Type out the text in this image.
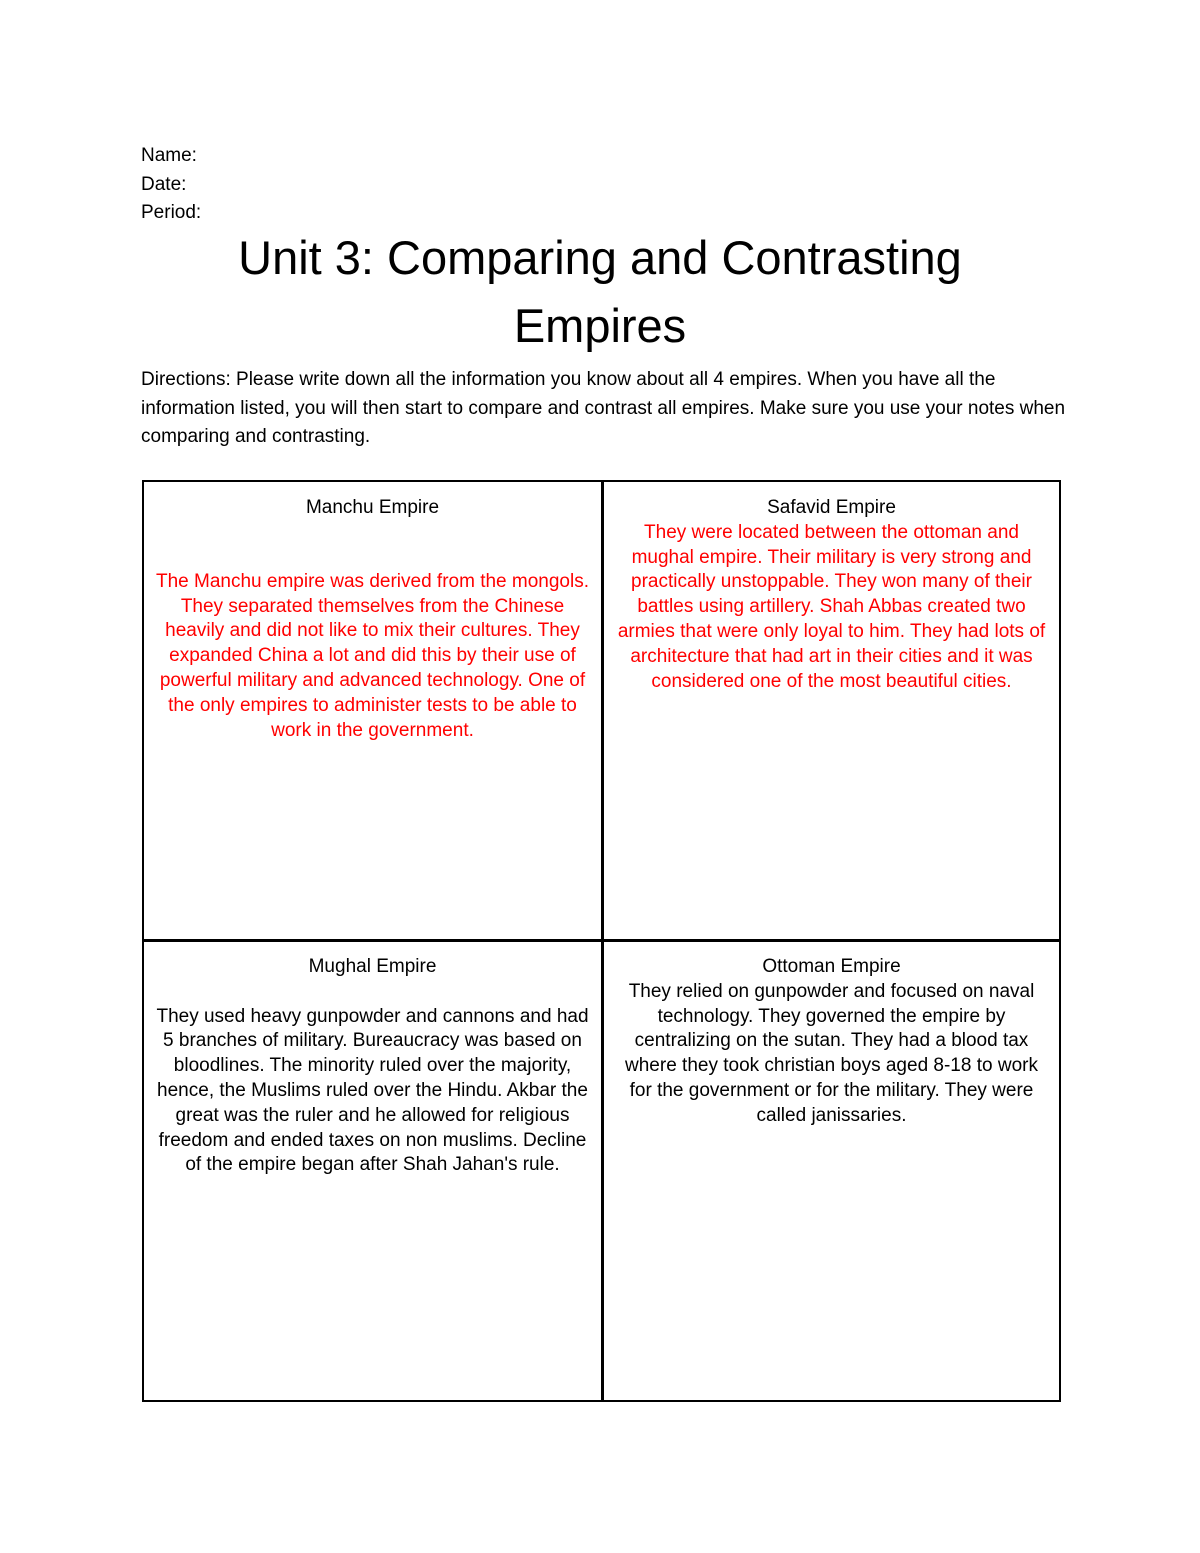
Name:
Date:
Period:
Unit 3: Comparing and Contrasting
Empires

Directions: Please write down all the information you know about all 4 empires. When you have all the information listed, you will then start to compare and contrast all empires. Make sure you use your notes when comparing and contrasting.

Manchu Empire

The Manchu empire was derived from the mongols. They separated themselves from the Chinese heavily and did not like to mix their cultures. They expanded China a lot and did this by their use of powerful military and advanced technology. One of the only empires to administer tests to be able to work in the government.

Safavid Empire

They were located between the ottoman and mughal empire. Their military is very strong and practically unstoppable. They won many of their battles using artillery. Shah Abbas created two armies that were only loyal to him. They had lots of architecture that had art in their cities and it was considered one of the most beautiful cities.

Mughal Empire

They used heavy gunpowder and cannons and had 5 branches of military. Bureaucracy was based on bloodlines. The minority ruled over the majority, hence, the Muslims ruled over the Hindu. Akbar the great was the ruler and he allowed for religious freedom and ended taxes on non muslims. Decline of the empire began after Shah Jahan's rule.

Ottoman Empire

They relied on gunpowder and focused on naval technology. They governed the empire by centralizing on the sutan. They had a blood tax where they took christian boys aged 8-18 to work for the government or for the military. They were called janissaries.
